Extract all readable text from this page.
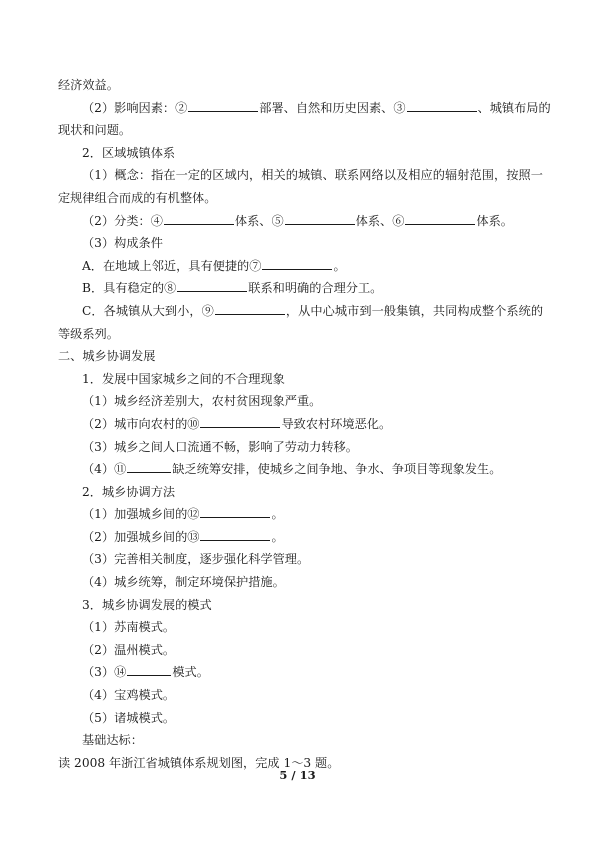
经济效益。
（2）影响因素：②	部署、自然和历史因素、③	、城镇布局的
现状和问题。
2．区域城镇体系
（1）概念：指在一定的区域内，相关的城镇、联系网络以及相应的辐射范围，按照一定规律组合而成的有机整体。
（2）分类：④	体系、⑤	体系、⑥	体系。
（3）构成条件
A．在地域上邻近，具有便捷的⑦	。
B．具有稳定的⑧	联系和明确的合理分工。
C．各城镇从大到小，⑨	，从中心城市到一般集镇，共同构成整个系统的等级系列。
二、城乡协调发展
1．发展中国家城乡之间的不合理现象
（1）城乡经济差别大，农村贫困现象严重。
（2）城市向农村的⑩	导致农村环境恶化。
（3）城乡之间人口流通不畅，影响了劳动力转移。
（4）⑪	缺乏统筹安排，使城乡之间争地、争水、争项目等现象发生。
2．城乡协调方法
（1）加强城乡间的⑫	。
（2）加强城乡间的⑬	。
（3）完善相关制度，逐步强化科学管理。
（4）城乡统筹，制定环境保护措施。
3．城乡协调发展的模式
（1）苏南模式。
（2）温州模式。
（3）⑭	模式。
（4）宝鸡模式。
（5）诸城模式。
基础达标：
读 2008 年浙江省城镇体系规划图，完成 1～3 题。
5 / 13
